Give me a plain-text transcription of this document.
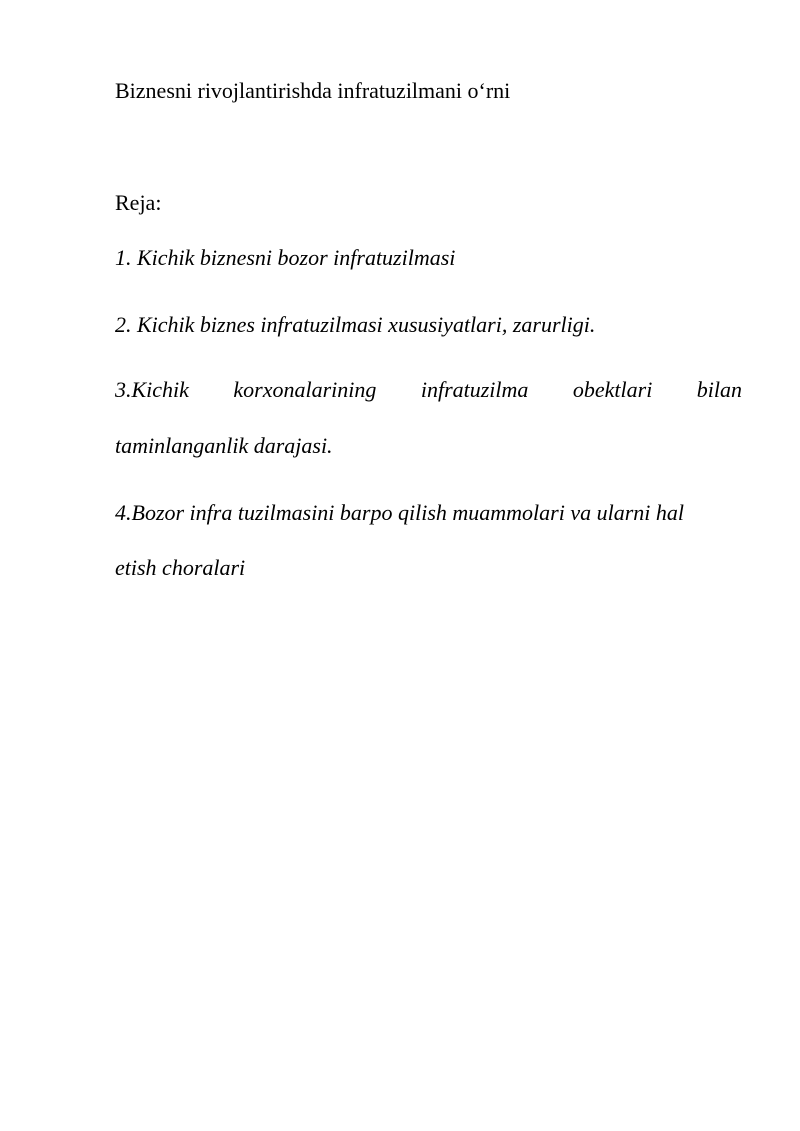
Biznesni rivojlantirishda infratuzilmani o‘rni
Reja:
1. Kichik biznesni bozor infratuzilmasi
2. Kichik biznes infratuzilmasi xususiyatlari, zarurligi.
3.Kichik korxonalarining infratuzilma obektlari bilan
taminlanganlik darajasi.
4.Bozor infra tuzilmasini barpo qilish muammolari va ularni hal
etish choralari
